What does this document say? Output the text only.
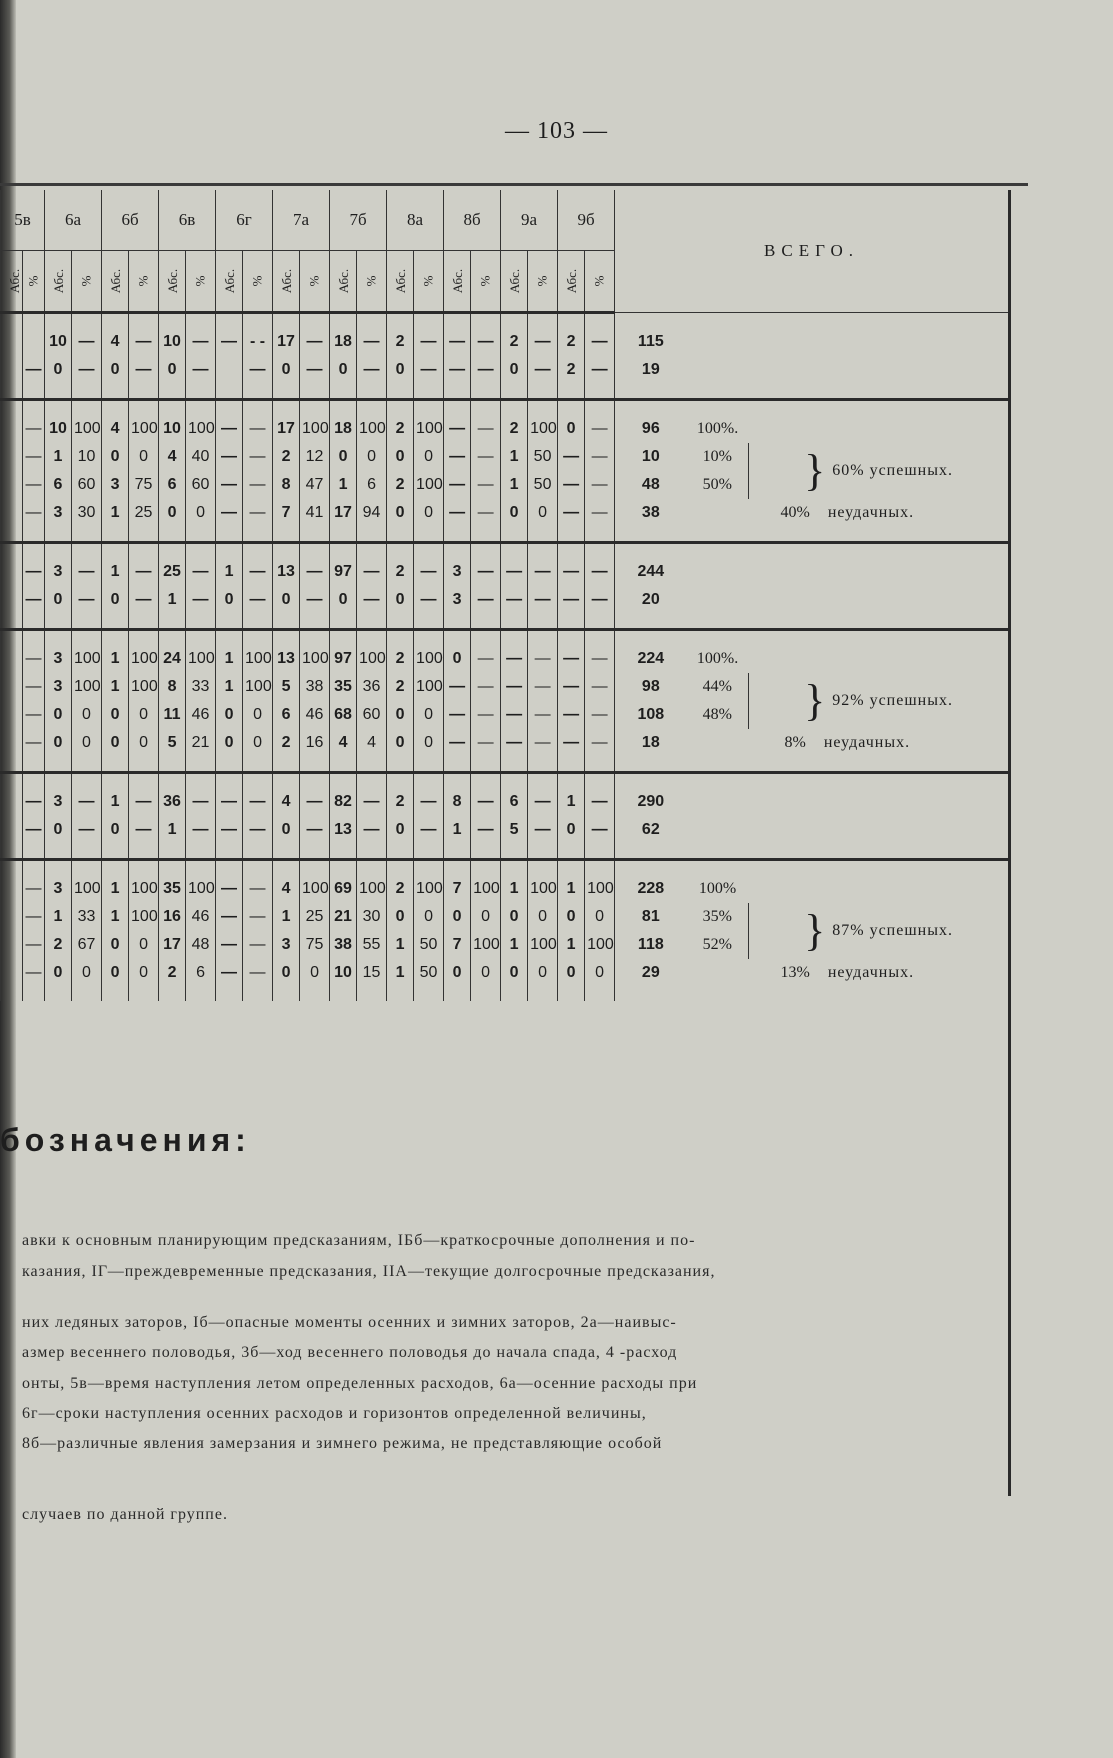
— 103 —
5в		6а		6б		6в		6г		7а		7б		8а		8б		9а		9б		ВСЕГО.		
Абс.	%	Абс.	%	Абс.	%	Абс.	%	Абс.	%	Абс.	%	Абс.	%	Абс.	%	Абс.	%	Абс.	%	Абс.	%			

		10	—	4	—	10	—	—	- -	17	—	18	—	2	—	—	—	2	—	2	—	115		
	—	0	—	0	—	0	—		—	0	—	0	—	0	—	—	—	0	—	2	—	19		

	—	10	100	4	100	10	100	—	—	17	100	18	100	2	100	—	—	2	100	0	—	96	100%.	
	—	1	10	0	0	4	40	—	—	2	12	0	0	0	0	—	—	1	50	—	—	10	10%	} 60% успешных.
	—	6	60	3	75	6	60	—	—	8	47	1	6	2	100	—	—	1	50	—	—	48	50%	
	—	3	30	1	25	0	0	—	—	7	41	17	94	0	0	—	—	0	0	—	—	38	40% неудачных.	

	—	3	—	1	—	25	—	1	—	13	—	97	—	2	—	3	—	—	—	—	—	244		
	—	0	—	0	—	1	—	0	—	0	—	0	—	0	—	3	—	—	—	—	—	20		

	—	3	100	1	100	24	100	1	100	13	100	97	100	2	100	0	—	—	—	—	—	224	100%.	
	—	3	100	1	100	8	33	1	100	5	38	35	36	2	100	—	—	—	—	—	—	98	44%	} 92% успешных.
	—	0	0	0	0	11	46	0	0	6	46	68	60	0	0	—	—	—	—	—	—	108	48%	
	—	0	0	0	0	5	21	0	0	2	16	4	4	0	0	—	—	—	—	—	—	18	8% неудачных.	

	—	3	—	1	—	36	—	—	—	4	—	82	—	2	—	8	—	6	—	1	—	290		
	—	0	—	0	—	1	—	—	—	0	—	13	—	0	—	1	—	5	—	0	—	62		

	—	3	100	1	100	35	100	—	—	4	100	69	100	2	100	7	100	1	100	1	100	228	100%	
	—	1	33	1	100	16	46	—	—	1	25	21	30	0	0	0	0	0	0	0	0	81	35%	} 87% успешных.
	—	2	67	0	0	17	48	—	—	3	75	38	55	1	50	7	100	1	100	1	100	118	52%	
	—	0	0	0	0	2	6	—	—	0	0	10	15	1	50	0	0	0	0	0	0	29	13% неудачных.	

бозначения:

авки к основным планирующим предсказаниям, IБб—краткосрочные дополнения и по-

казания, IГ—преждевременные предсказания, IIА—текущие долгосрочные предсказания,

них ледяных заторов, Iб—опасные моменты осенних и зимних заторов, 2а—наивыс-

азмер весеннего половодья, 3б—ход весеннего половодья до начала спада, 4 -расход

онты, 5в—время наступления летом определенных расходов, 6а—осенние расходы при

6г—сроки наступления осенних расходов и горизонтов определенной величины,

8б—различные явления замерзания и зимнего режима, не представляющие особой

случаев по данной группе.
